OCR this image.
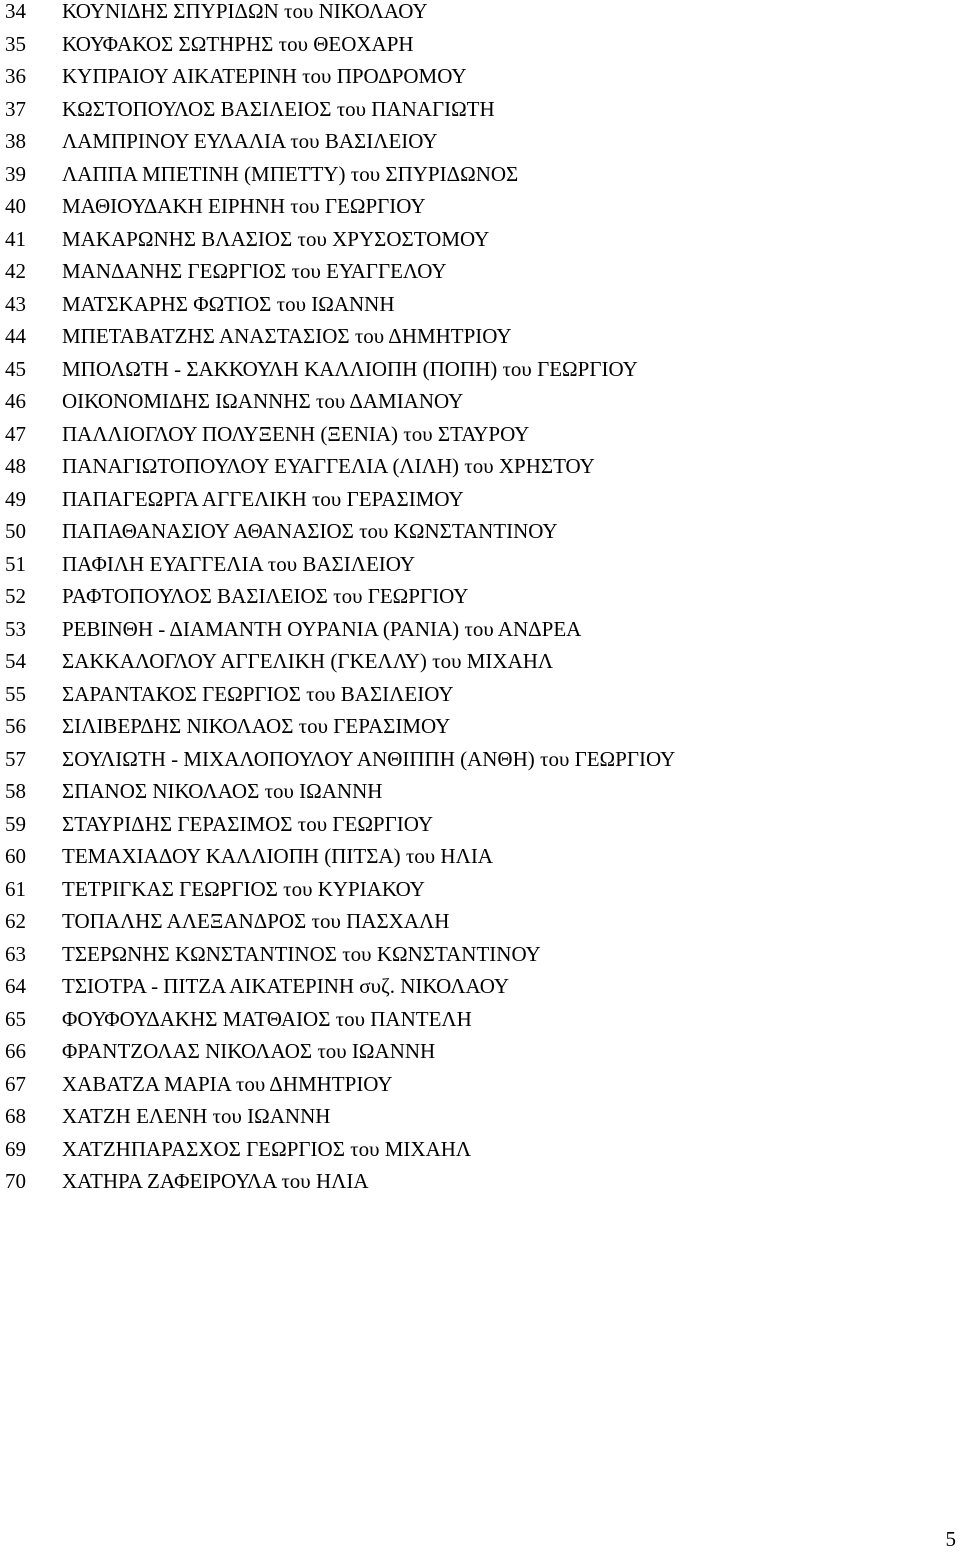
34	ΚΟΥΝΙΔΗΣ ΣΠΥΡΙΔΩΝ του ΝΙΚΟΛΑΟΥ
35	ΚΟΥΦΑΚΟΣ ΣΩΤΗΡΗΣ του ΘΕΟΧΑΡΗ
36	ΚΥΠΡΑΙΟΥ ΑΙΚΑΤΕΡΙΝΗ του ΠΡΟΔΡΟΜΟΥ
37	ΚΩΣΤΟΠΟΥΛΟΣ ΒΑΣΙΛΕΙΟΣ του ΠΑΝΑΓΙΩΤΗ
38	ΛΑΜΠΡΙΝΟΥ ΕΥΛΑΛΙΑ του ΒΑΣΙΛΕΙΟΥ
39	ΛΑΠΠΑ ΜΠΕΤΙΝΗ (ΜΠΕΤΤΥ) του ΣΠΥΡΙΔΩΝΟΣ
40	ΜΑΘΙΟΥΔΑΚΗ ΕΙΡΗΝΗ του ΓΕΩΡΓΙΟΥ
41	ΜΑΚΑΡΩΝΗΣ ΒΛΑΣΙΟΣ του ΧΡΥΣΟΣΤΟΜΟΥ
42	ΜΑΝΔΑΝΗΣ ΓΕΩΡΓΙΟΣ του ΕΥΑΓΓΕΛΟΥ
43	ΜΑΤΣΚΑΡΗΣ ΦΩΤΙΟΣ του ΙΩΑΝΝΗ
44	ΜΠΕΤΑΒΑΤΖΗΣ ΑΝΑΣΤΑΣΙΟΣ του ΔΗΜΗΤΡΙΟΥ
45	ΜΠΟΛΩΤΗ - ΣΑΚΚΟΥΛΗ ΚΑΛΛΙΟΠΗ (ΠΟΠΗ) του ΓΕΩΡΓΙΟΥ
46	ΟΙΚΟΝΟΜΙΔΗΣ ΙΩΑΝΝΗΣ του ΔΑΜΙΑΝΟΥ
47	ΠΑΛΛΙΟΓΛΟΥ ΠΟΛΥΞΕΝΗ (ΞΕΝΙΑ) του ΣΤΑΥΡΟΥ
48	ΠΑΝΑΓΙΩΤΟΠΟΥΛΟΥ ΕΥΑΓΓΕΛΙΑ (ΛΙΛΗ) του ΧΡΗΣΤΟΥ
49	ΠΑΠΑΓΕΩΡΓΑ ΑΓΓΕΛΙΚΗ του ΓΕΡΑΣΙΜΟΥ
50	ΠΑΠΑΘΑΝΑΣΙΟΥ ΑΘΑΝΑΣΙΟΣ του ΚΩΝΣΤΑΝΤΙΝΟΥ
51	ΠΑΦΙΛΗ ΕΥΑΓΓΕΛΙΑ του ΒΑΣΙΛΕΙΟΥ
52	ΡΑΦΤΟΠΟΥΛΟΣ ΒΑΣΙΛΕΙΟΣ του ΓΕΩΡΓΙΟΥ
53	ΡΕΒΙΝΘΗ - ΔΙΑΜΑΝΤΗ ΟΥΡΑΝΙΑ (ΡΑΝΙΑ) του ΑΝΔΡΕΑ
54	ΣΑΚΚΑΛΟΓΛΟΥ ΑΓΓΕΛΙΚΗ (ΓΚΕΛΛΥ) του ΜΙΧΑΗΛ
55	ΣΑΡΑΝΤΑΚΟΣ ΓΕΩΡΓΙΟΣ του ΒΑΣΙΛΕΙΟΥ
56	ΣΙΛΙΒΕΡΔΗΣ ΝΙΚΟΛΑΟΣ του ΓΕΡΑΣΙΜΟΥ
57	ΣΟΥΛΙΩΤΗ - ΜΙΧΑΛΟΠΟΥΛΟΥ ΑΝΘΙΠΠΗ (ΑΝΘΗ) του ΓΕΩΡΓΙΟΥ
58	ΣΠΑΝΟΣ ΝΙΚΟΛΑΟΣ του ΙΩΑΝΝΗ
59	ΣΤΑΥΡΙΔΗΣ ΓΕΡΑΣΙΜΟΣ του ΓΕΩΡΓΙΟΥ
60	ΤΕΜΑΧΙΑΔΟΥ ΚΑΛΛΙΟΠΗ (ΠΙΤΣΑ) του ΗΛΙΑ
61	ΤΕΤΡΙΓΚΑΣ ΓΕΩΡΓΙΟΣ του ΚΥΡΙΑΚΟΥ
62	ΤΟΠΑΛΗΣ ΑΛΕΞΑΝΔΡΟΣ του ΠΑΣΧΑΛΗ
63	ΤΣΕΡΩΝΗΣ ΚΩΝΣΤΑΝΤΙΝΟΣ του ΚΩΝΣΤΑΝΤΙΝΟΥ
64	ΤΣΙΟΤΡΑ - ΠΙΤΖΑ ΑΙΚΑΤΕΡΙΝΗ συζ. ΝΙΚΟΛΑΟΥ
65	ΦΟΥΦΟΥΔΑΚΗΣ ΜΑΤΘΑΙΟΣ του ΠΑΝΤΕΛΗ
66	ΦΡΑΝΤΖΟΛΑΣ ΝΙΚΟΛΑΟΣ του ΙΩΑΝΝΗ
67	ΧΑΒΑΤΖΑ ΜΑΡΙΑ του ΔΗΜΗΤΡΙΟΥ
68	ΧΑΤΖΗ ΕΛΕΝΗ του ΙΩΑΝΝΗ
69	ΧΑΤΖΗΠΑΡΑΣΧΟΣ ΓΕΩΡΓΙΟΣ του ΜΙΧΑΗΛ
70	ΧΑΤΗΡΑ ΖΑΦΕΙΡΟΥΛΑ του ΗΛΙΑ
5
